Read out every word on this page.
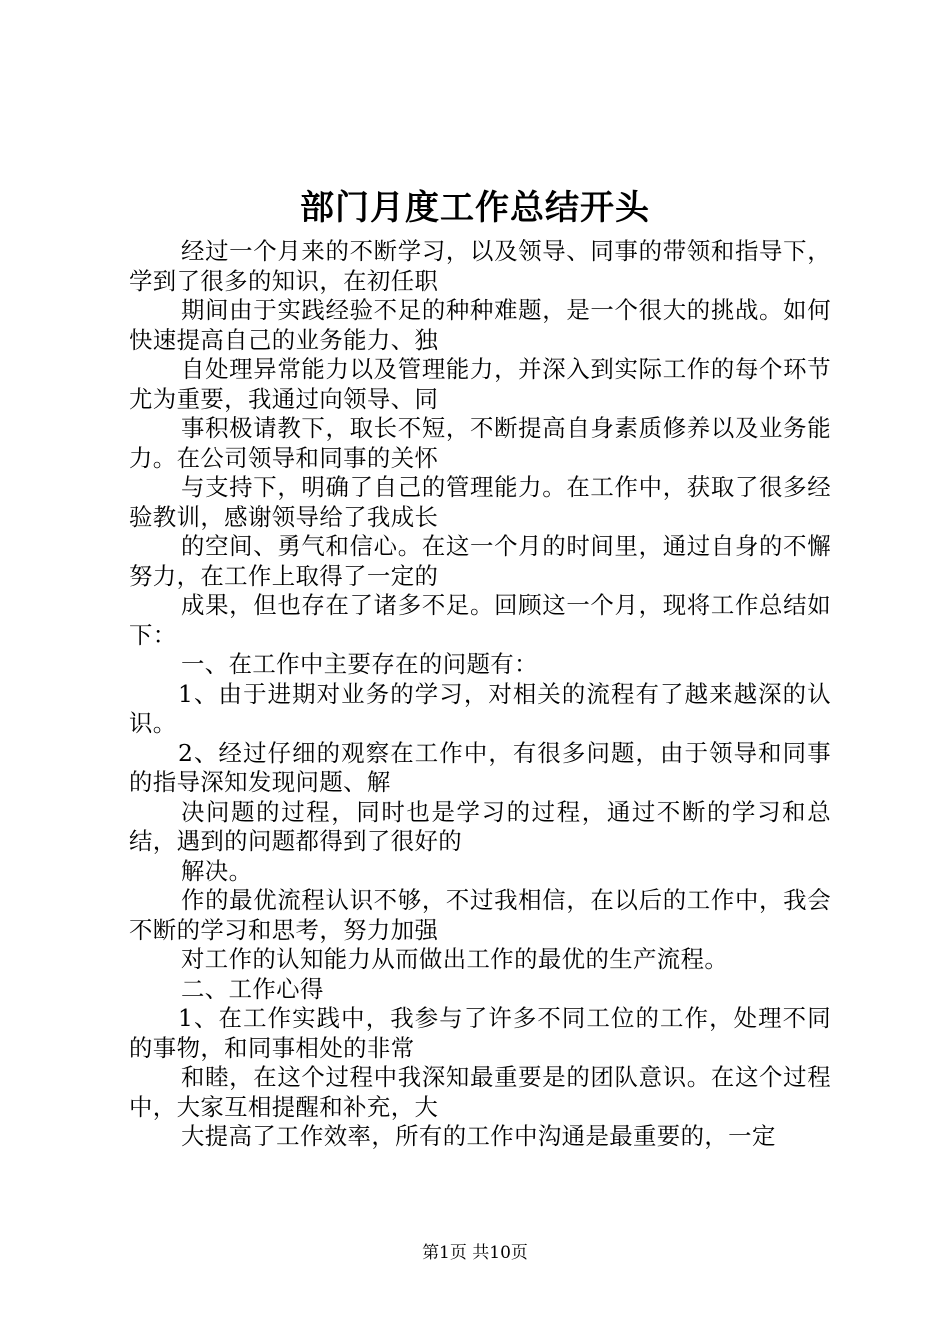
部门月度工作总结开头

经过一个月来的不断学习，以及领导、同事的带领和指导下，学到了很多的知识，在初任职

期间由于实践经验不足的种种难题，是一个很大的挑战。如何快速提高自己的业务能力、独

自处理异常能力以及管理能力，并深入到实际工作的每个环节尤为重要，我通过向领导、同

事积极请教下，取长不短，不断提高自身素质修养以及业务能力。在公司领导和同事的关怀

与支持下，明确了自己的管理能力。在工作中，获取了很多经验教训，感谢领导给了我成长

的空间、勇气和信心。在这一个月的时间里，通过自身的不懈努力，在工作上取得了一定的

成果，但也存在了诸多不足。回顾这一个月，现将工作总结如下：

一、在工作中主要存在的问题有：

1、由于进期对业务的学习，对相关的流程有了越来越深的认识。

2、经过仔细的观察在工作中，有很多问题，由于领导和同事的指导深知发现问题、解

决问题的过程，同时也是学习的过程，通过不断的学习和总结，遇到的问题都得到了很好的

解决。

作的最优流程认识不够，不过我相信，在以后的工作中，我会不断的学习和思考，努力加强

对工作的认知能力从而做出工作的最优的生产流程。

二、工作心得

1、在工作实践中，我参与了许多不同工位的工作，处理不同的事物，和同事相处的非常

和睦，在这个过程中我深知最重要是的团队意识。在这个过程中，大家互相提醒和补充，大

大提高了工作效率，所有的工作中沟通是最重要的，一定

第1页 共10页
